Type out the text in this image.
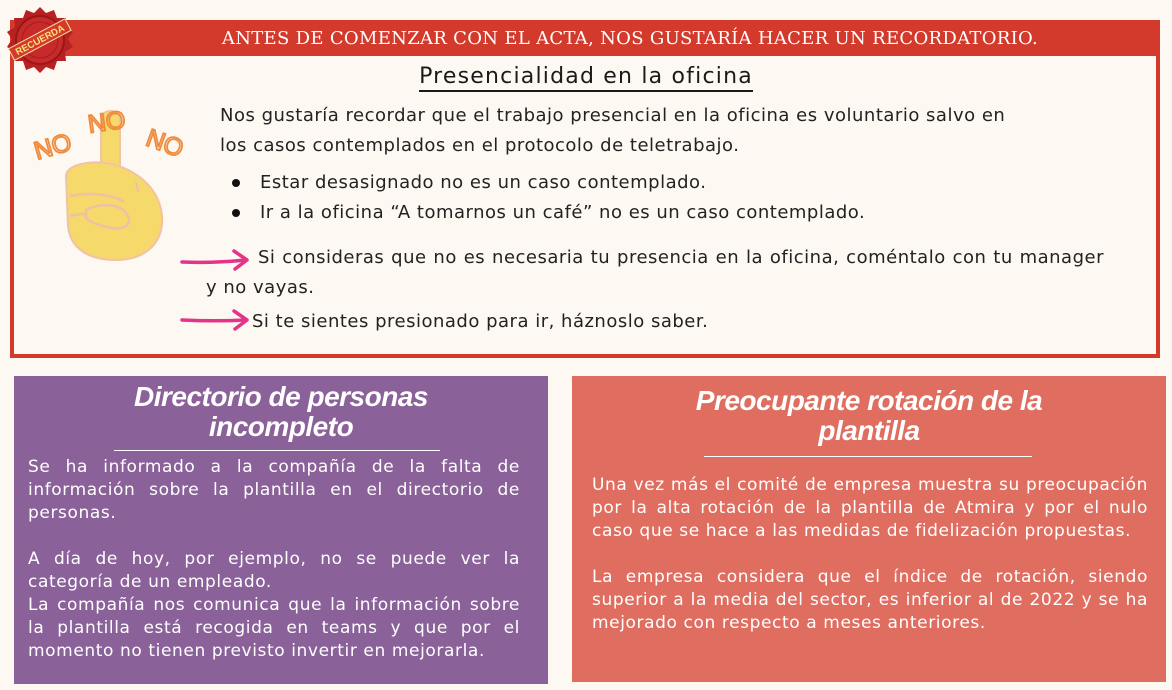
ANTES DE COMENZAR CON EL ACTA, NOS GUSTARÍA HACER UN RECORDATORIO.
RECUERDA
Presencialidad en la oficina
NO
NO
NO
Nos gustaría recordar que el trabajo presencial en la oficina es voluntario salvo en
los casos contemplados en el protocolo de teletrabajo.
Estar desasignado no es un caso contemplado.
Ir a la oficina “A tomarnos un café” no es un caso contemplado.
Si consideras que no es necesaria tu presencia en la oficina, coméntalo con tu manager y no vayas.
Si te sientes presionado para ir, háznoslo saber.
Directorio de personas
incompleto

Se ha informado a la compañía de la falta de información sobre la plantilla en el directorio de personas.

A día de hoy, por ejemplo, no se puede ver la categoría de un empleado.

La compañía nos comunica que la información sobre la plantilla está recogida en teams y que por el momento no tienen previsto invertir en mejorarla.

Preocupante rotación de la
plantilla

Una vez más el comité de empresa muestra su preocupación por la alta rotación de la plantilla de Atmira y por el nulo caso que se hace a las medidas de fidelización propuestas.

La empresa considera que el índice de rotación, siendo superior a la media del sector, es inferior al de 2022 y se ha mejorado con respecto a meses anteriores.
